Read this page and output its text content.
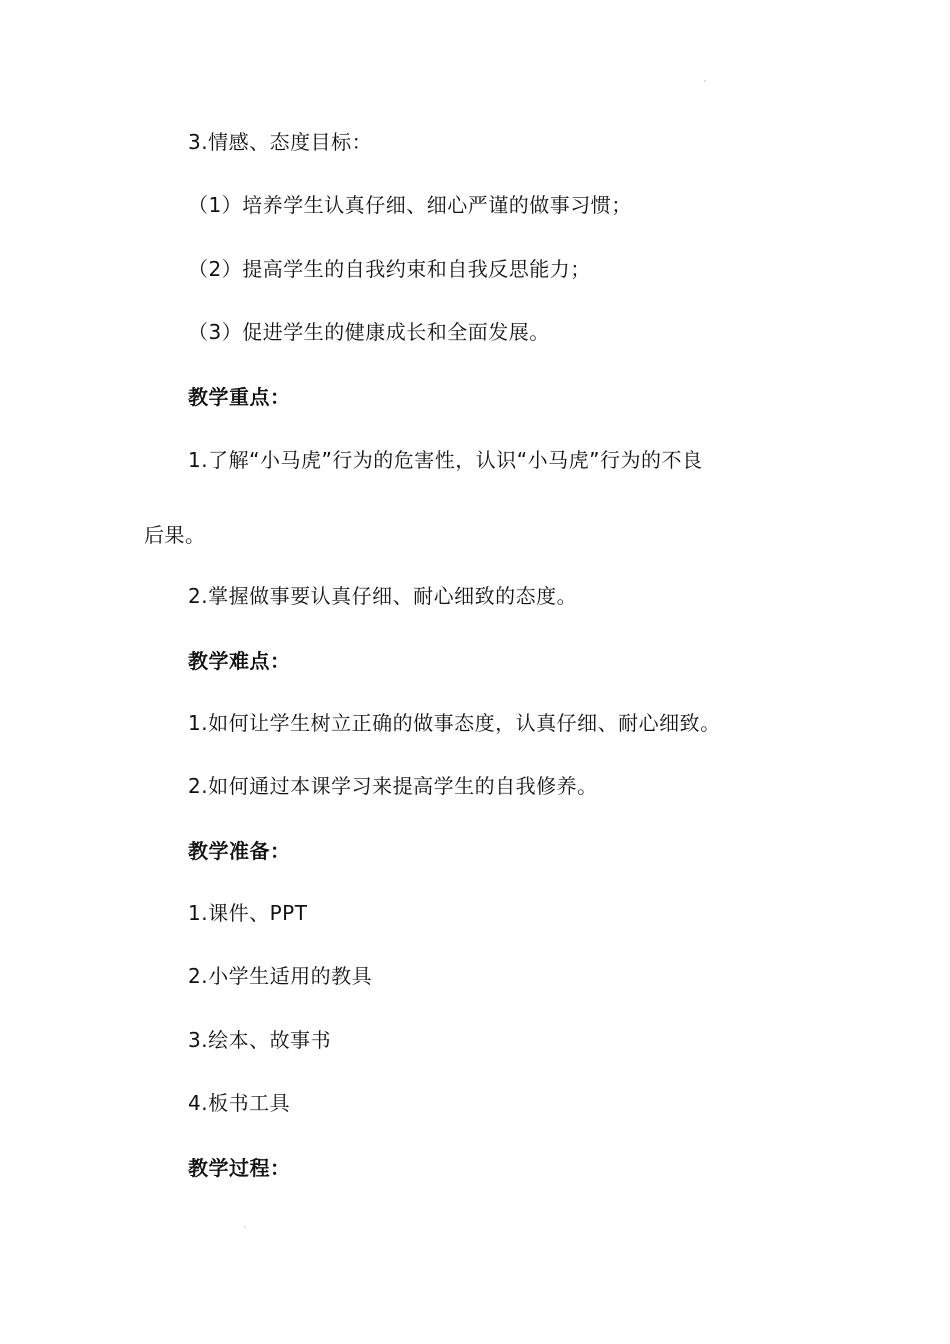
3.情感、态度目标：
（1）培养学生认真仔细、细心严谨的做事习惯；
（2）提高学生的自我约束和自我反思能力；
（3）促进学生的健康成长和全面发展。
教学重点：
1.了解“小马虎”行为的危害性，认识“小马虎”行为的不良
后果。
2.掌握做事要认真仔细、耐心细致的态度。
教学难点：
1.如何让学生树立正确的做事态度，认真仔细、耐心细致。
2.如何通过本课学习来提高学生的自我修养。
教学准备：
1.课件、PPT
2.小学生适用的教具
3.绘本、故事书
4.板书工具
教学过程：
